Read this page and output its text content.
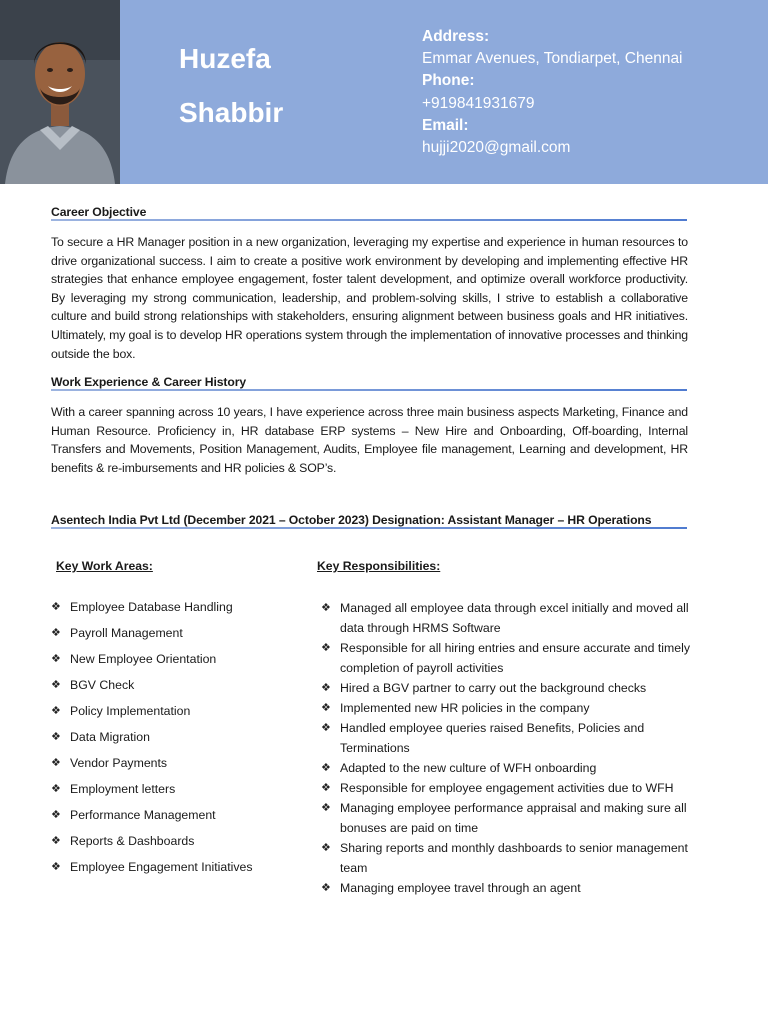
Huzefa
Shabbir
Address:
Emmar Avenues, Tondiarpet, Chennai
Phone:
+919841931679
Email:
hujji2020@gmail.com
Career Objective
To secure a HR Manager position in a new organization, leveraging my expertise and experience in human resources to drive organizational success. I aim to create a positive work environment by developing and implementing effective HR strategies that enhance employee engagement, foster talent development, and optimize overall workforce productivity. By leveraging my strong communication, leadership, and problem-solving skills, I strive to establish a collaborative culture and build strong relationships with stakeholders, ensuring alignment between business goals and HR initiatives. Ultimately, my goal is to develop HR operations system through the implementation of innovative processes and thinking outside the box.
Work Experience & Career History
With a career spanning across 10 years, I have experience across three main business aspects Marketing, Finance and Human Resource. Proficiency in, HR database ERP systems – New Hire and Onboarding, Off-boarding, Internal Transfers and Movements, Position Management, Audits, Employee file management, Learning and development, HR benefits & re-imbursements and HR policies & SOP’s.
Asentech India Pvt Ltd (December 2021 – October 2023) Designation: Assistant Manager – HR Operations
Key Work Areas:	Key Responsibilities:
❖ Employee Database Handling
❖ Payroll Management
❖ New Employee Orientation
❖ BGV Check
❖ Policy Implementation
❖ Data Migration
❖ Vendor Payments
❖ Employment letters
❖ Performance Management
❖ Reports & Dashboards
❖ Employee Engagement Initiatives
❖ Managed all employee data through excel initially and moved all data through HRMS Software
❖ Responsible for all hiring entries and ensure accurate and timely completion of payroll activities
❖ Hired a BGV partner to carry out the background checks
❖ Implemented new HR policies in the company
❖ Handled employee queries raised Benefits, Policies and Terminations
❖ Adapted to the new culture of WFH onboarding
❖ Responsible for employee engagement activities due to WFH
❖ Managing employee performance appraisal and making sure all bonuses are paid on time
❖ Sharing reports and monthly dashboards to senior management team
❖ Managing employee travel through an agent
